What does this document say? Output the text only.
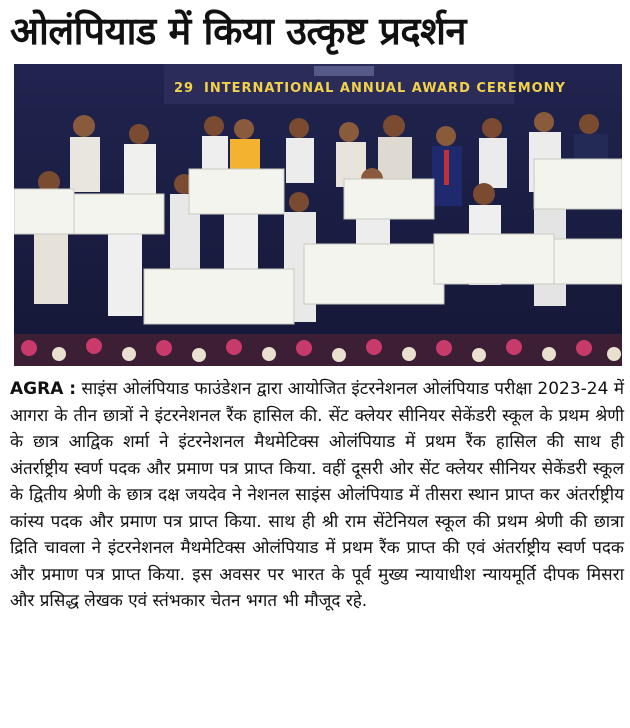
ओलंपियाड में किया उत्कृष्ट प्रदर्शन
29 INTERNATIONAL ANNUAL AWARD CEREMONY
AGRA : साइंस ओलंपियाड फाउंडेशन द्वारा आयोजित इंटरनेशनल ओलंपियाड परीक्षा 2023-24 में आगरा के तीन छात्रों ने इंटरनेशनल रैंक हासिल की. सेंट क्लेयर सीनियर सेकेंडरी स्कूल के प्रथम श्रेणी के छात्र आद्विक शर्मा ने इंटरनेशनल मैथमेटिक्स ओलंपियाड में प्रथम रैंक हासिल की साथ ही अंतर्राष्ट्रीय स्वर्ण पदक और प्रमाण पत्र प्राप्त किया. वहीं दूसरी ओर सेंट क्लेयर सीनियर सेकेंडरी स्कूल के द्वितीय श्रेणी के छात्र दक्ष जयदेव ने नेशनल साइंस ओलंपियाड में तीसरा स्थान प्राप्त कर अंतर्राष्ट्रीय कांस्य पदक और प्रमाण पत्र प्राप्त किया. साथ ही श्री राम सेंटेनियल स्कूल की प्रथम श्रेणी की छात्रा द्रिति चावला ने इंटरनेशनल मैथमेटिक्स ओलंपियाड में प्रथम रैंक प्राप्त की एवं अंतर्राष्ट्रीय स्वर्ण पदक और प्रमाण पत्र प्राप्त किया. इस अवसर पर भारत के पूर्व मुख्य न्यायाधीश न्यायमूर्ति दीपक मिसरा और प्रसिद्ध लेखक एवं स्तंभकार चेतन भगत भी मौजूद रहे.
